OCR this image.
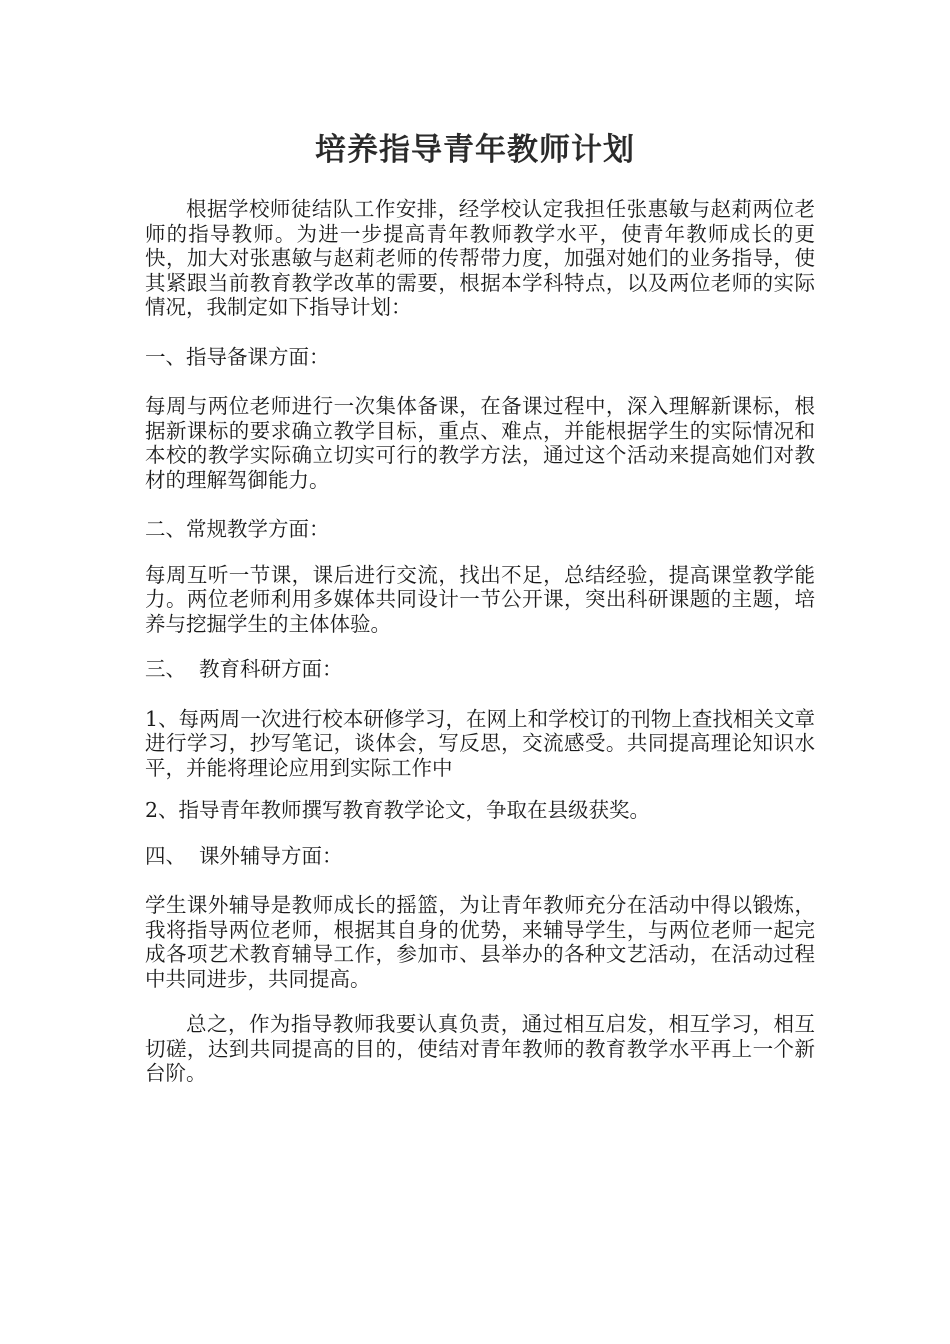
培养指导青年教师计划

根据学校师徒结队工作安排，经学校认定我担任张惠敏与赵莉两位老师的指导教师。为进一步提高青年教师教学水平，使青年教师成长的更快，加大对张惠敏与赵莉老师的传帮带力度，加强对她们的业务指导，使其紧跟当前教育教学改革的需要，根据本学科特点，以及两位老师的实际情况，我制定如下指导计划：

一、指导备课方面：

每周与两位老师进行一次集体备课，在备课过程中，深入理解新课标，根据新课标的要求确立教学目标，重点、难点，并能根据学生的实际情况和本校的教学实际确立切实可行的教学方法，通过这个活动来提高她们对教材的理解驾御能力。

二、常规教学方面：

每周互听一节课，课后进行交流，找出不足，总结经验，提高课堂教学能力。两位老师利用多媒体共同设计一节公开课，突出科研课题的主题，培养与挖掘学生的主体体验。

三、  教育科研方面：

1、每两周一次进行校本研修学习，在网上和学校订的刊物上查找相关文章进行学习，抄写笔记，谈体会，写反思，交流感受。共同提高理论知识水平，并能将理论应用到实际工作中

2、指导青年教师撰写教育教学论文，争取在县级获奖。

四、  课外辅导方面：

学生课外辅导是教师成长的摇篮，为让青年教师充分在活动中得以锻炼，我将指导两位老师，根据其自身的优势，来辅导学生，与两位老师一起完成各项艺术教育辅导工作，参加市、县举办的各种文艺活动，在活动过程中共同进步，共同提高。

总之，作为指导教师我要认真负责，通过相互启发，相互学习，相互切磋，达到共同提高的目的，使结对青年教师的教育教学水平再上一个新台阶。
